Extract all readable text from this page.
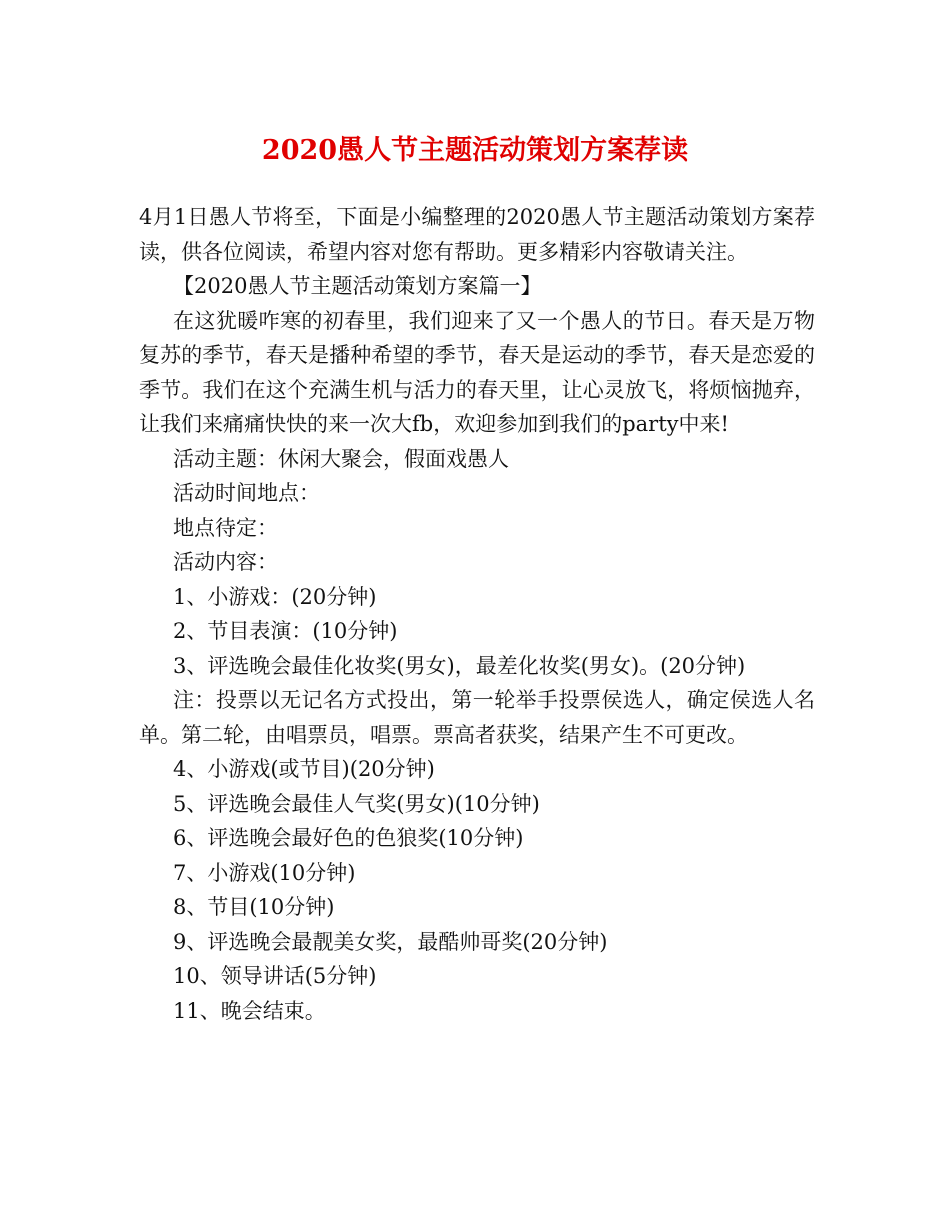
2020愚人节主题活动策划方案荐读

4月1日愚人节将至，下面是小编整理的2020愚人节主题活动策划方案荐读，供各位阅读，希望内容对您有帮助。更多精彩内容敬请关注。

【2020愚人节主题活动策划方案篇一】

在这犹暖咋寒的初春里，我们迎来了又一个愚人的节日。春天是万物复苏的季节，春天是播种希望的季节，春天是运动的季节，春天是恋爱的季节。我们在这个充满生机与活力的春天里，让心灵放飞，将烦恼抛弃，让我们来痛痛快快的来一次大fb，欢迎参加到我们的party中来!

活动主题：休闲大聚会，假面戏愚人

活动时间地点：

地点待定：

活动内容：

1、小游戏：(20分钟)

2、节目表演：(10分钟)

3、评选晚会最佳化妆奖(男女)，最差化妆奖(男女)。(20分钟)

注：投票以无记名方式投出，第一轮举手投票侯选人，确定侯选人名单。第二轮，由唱票员，唱票。票高者获奖，结果产生不可更改。

4、小游戏(或节目)(20分钟)

5、评选晚会最佳人气奖(男女)(10分钟)

6、评选晚会最好色的色狼奖(10分钟)

7、小游戏(10分钟)

8、节目(10分钟)

9、评选晚会最靓美女奖，最酷帅哥奖(20分钟)

10、领导讲话(5分钟)

11、晚会结束。
